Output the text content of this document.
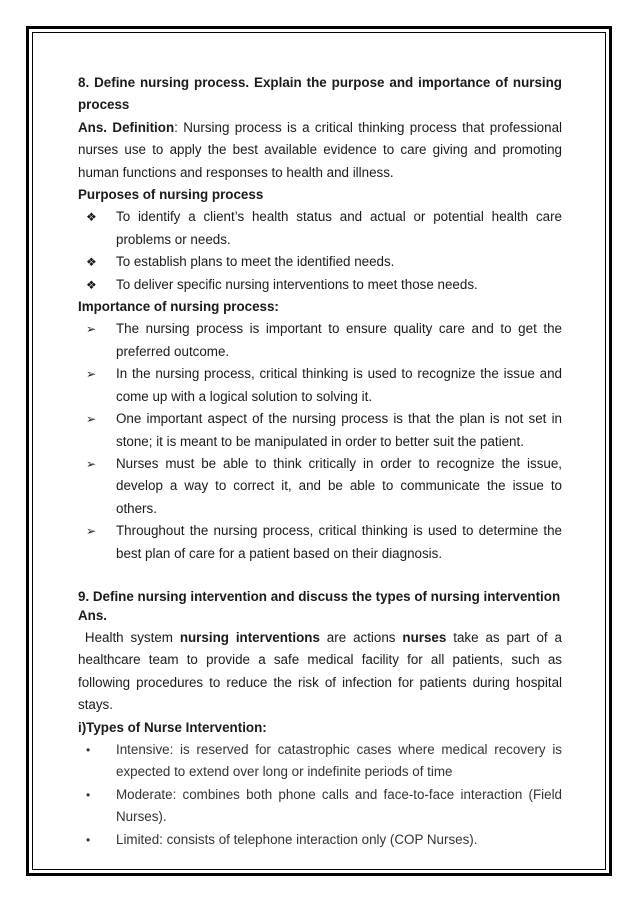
8. Define nursing process. Explain the purpose and importance of nursing process

Ans. Definition: Nursing process is a critical thinking process that professional nurses use to apply the best available evidence to care giving and promoting human functions and responses to health and illness.

Purposes of nursing process

❖	To identify a client’s health status and actual or potential health care problems or needs.
❖	To establish plans to meet the identified needs.
❖	To deliver specific nursing interventions to meet those needs.

Importance of nursing process:

➢	The nursing process is important to ensure quality care and to get the preferred outcome.
➢	In the nursing process, critical thinking is used to recognize the issue and come up with a logical solution to solving it.
➢	One important aspect of the nursing process is that the plan is not set in stone; it is meant to be manipulated in order to better suit the patient.
➢	Nurses must be able to think critically in order to recognize the issue, develop a way to correct it, and be able to communicate the issue to others.
➢	Throughout the nursing process, critical thinking is used to determine the best plan of care for a patient based on their diagnosis.

9. Define nursing intervention and discuss the types of nursing intervention

Ans.

Health system nursing interventions are actions nurses take as part of a healthcare team to provide a safe medical facility for all patients, such as following procedures to reduce the risk of infection for patients during hospital stays.

i)Types of Nurse Intervention:

•	Intensive: is reserved for catastrophic cases where medical recovery is expected to extend over long or indefinite periods of time
•	Moderate: combines both phone calls and face-to-face interaction (Field Nurses).
•	Limited: consists of telephone interaction only (COP Nurses).
